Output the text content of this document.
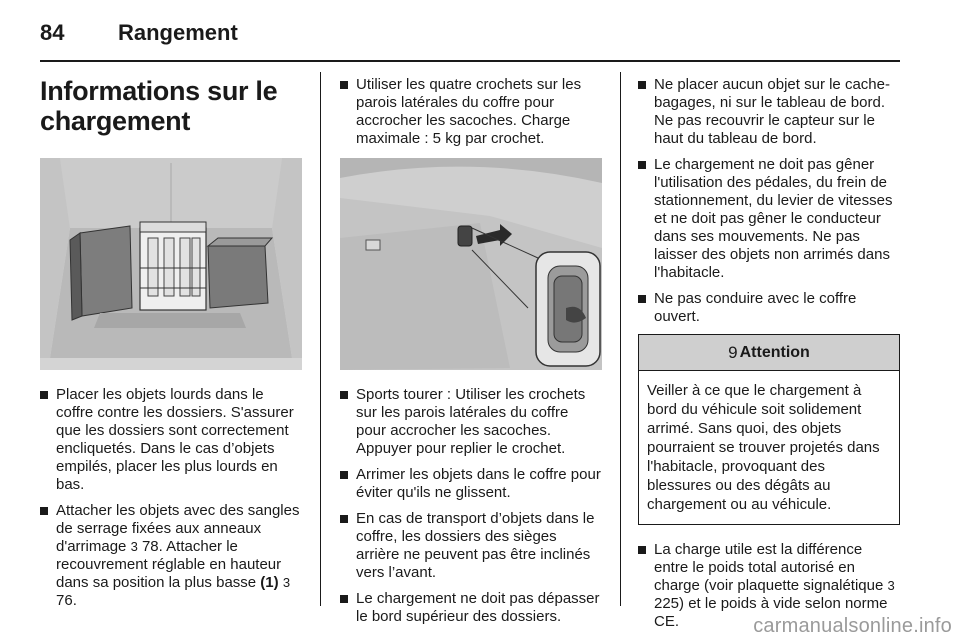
84 Rangement
Informations sur le
chargement
Placer les objets lourds dans le coffre contre les dossiers. S'assurer que les dossiers sont correctement encliquetés. Dans le cas d’objets empilés, placer les plus lourds en bas.
Attacher les objets avec des sangles de serrage fixées aux anneaux d'arrimage 3 78. Attacher le recouvrement réglable en hauteur dans sa position la plus basse (1) 3 76.
Utiliser les quatre crochets sur les parois latérales du coffre pour accrocher les sacoches. Charge maximale : 5 kg par crochet.
Sports tourer : Utiliser les crochets sur les parois latérales du coffre pour accrocher les sacoches. Appuyer pour replier le crochet.
Arrimer les objets dans le coffre pour éviter qu'ils ne glissent.
En cas de transport d’objets dans le coffre, les dossiers des sièges arrière ne peuvent pas être inclinés vers l’avant.
Le chargement ne doit pas dépasser le bord supérieur des dossiers.
Ne placer aucun objet sur le cache-bagages, ni sur le tableau de bord. Ne pas recouvrir le capteur sur le haut du tableau de bord.
Le chargement ne doit pas gêner l'utilisation des pédales, du frein de stationnement, du levier de vitesses et ne doit pas gêner le conducteur dans ses mouvements. Ne pas laisser des objets non arrimés dans l'habitacle.
Ne pas conduire avec le coffre ouvert.
9 Attention
Veiller à ce que le chargement à bord du véhicule soit solidement arrimé. Sans quoi, des objets pourraient se trouver projetés dans l'habitacle, provoquant des blessures ou des dégâts au chargement ou au véhicule.
La charge utile est la différence entre le poids total autorisé en charge (voir plaquette signalétique 3 225) et le poids à vide selon norme CE.	carmanualsonline.info
